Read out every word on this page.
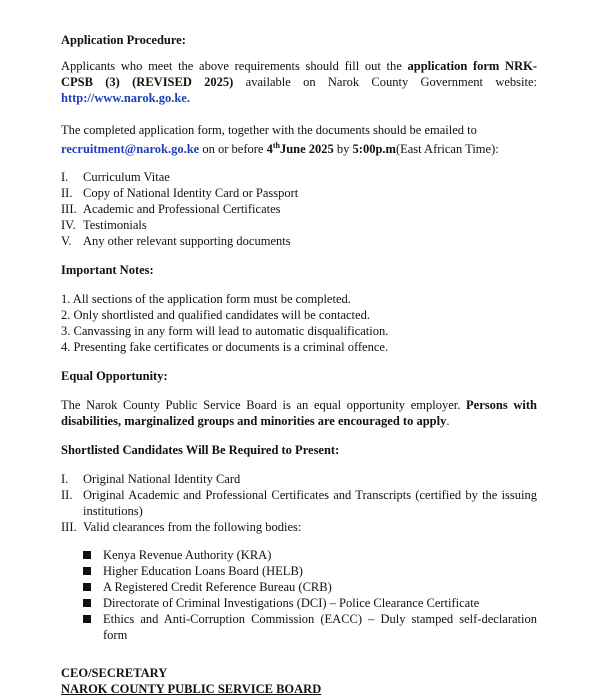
Application Procedure:

Applicants who meet the above requirements should fill out the application form NRK-CPSB (3) (REVISED 2025) available on Narok County Government website: http://www.narok.go.ke.

The completed application form, together with the documents should be emailed to recruitment@narok.go.ke on or before 4thJune 2025 by 5:00p.m(East African Time):

I.	Curriculum Vitae
II. Copy of National Identity Card or Passport
III. Academic and Professional Certificates
IV. Testimonials
V. Any other relevant supporting documents

Important Notes:

1. All sections of the application form must be completed.

2. Only shortlisted and qualified candidates will be contacted.

3. Canvassing in any form will lead to automatic disqualification.

4. Presenting fake certificates or documents is a criminal offence.

Equal Opportunity:

The Narok County Public Service Board is an equal opportunity employer. Persons with disabilities, marginalized groups and minorities are encouraged to apply.

Shortlisted Candidates Will Be Required to Present:

I.	Original National Identity Card
II. Original Academic and Professional Certificates and Transcripts (certified by the issuing institutions)
III. Valid clearances from the following bodies:
Kenya Revenue Authority (KRA)
Higher Education Loans Board (HELB)
A Registered Credit Reference Bureau (CRB)
Directorate of Criminal Investigations (DCI) – Police Clearance Certificate
Ethics and Anti-Corruption Commission (EACC) – Duly stamped self-declaration form

CEO/SECRETARY

NAROK COUNTY PUBLIC SERVICE BOARD
